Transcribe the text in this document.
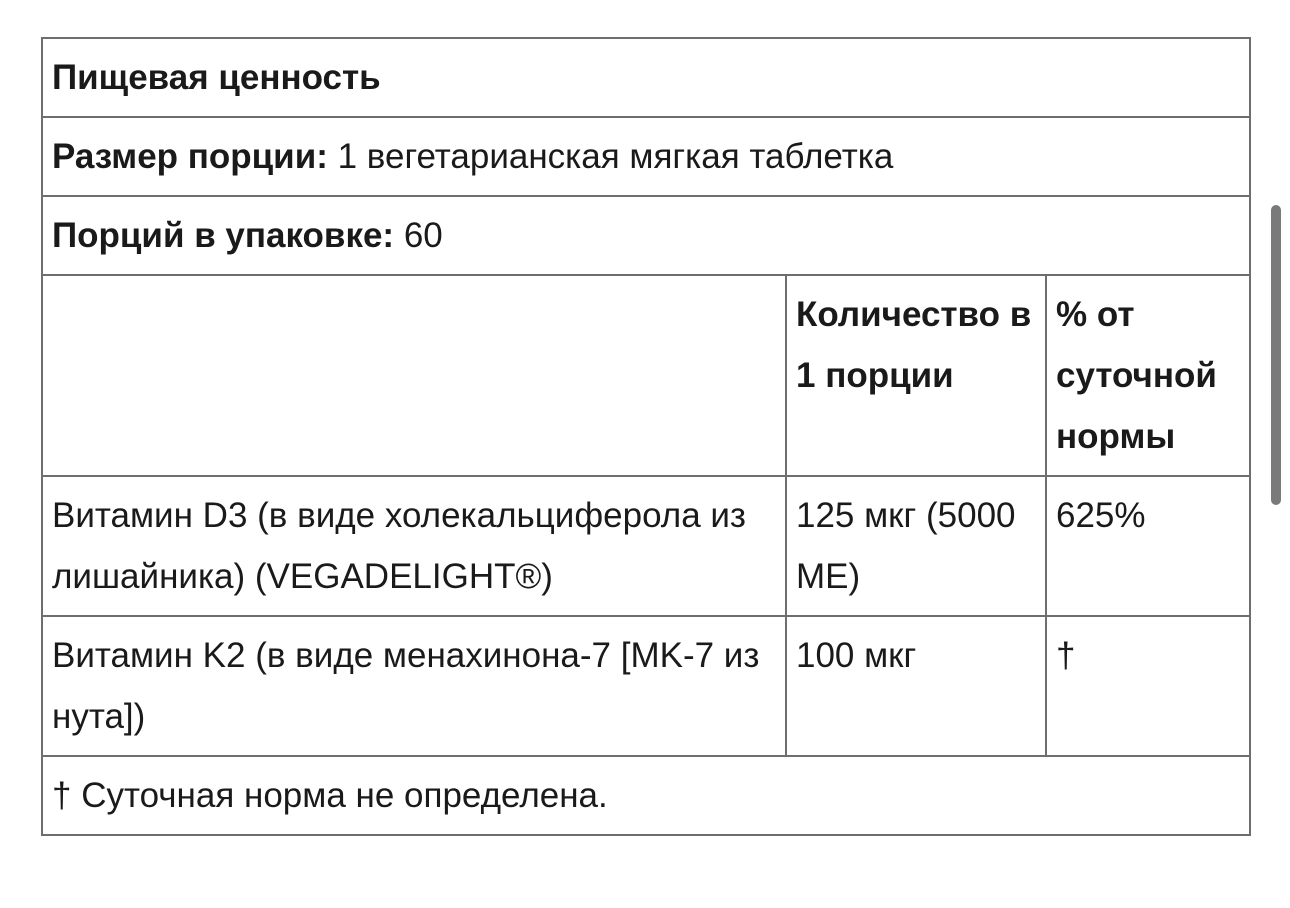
Пищевая ценность		
Размер порции: 1 вегетарианская мягкая таблетка		
Порций в упаковке: 60		
	Количество в 1 порции	% от суточной нормы
Витамин D3 (в виде холекальциферола из лишайника) (VEGADELIGHT®)	125 мкг (5000 МЕ)	625%
Витамин K2 (в виде менахинона-7 [MK-7 из нута])	100 мкг	†
† Суточная норма не определена.		
